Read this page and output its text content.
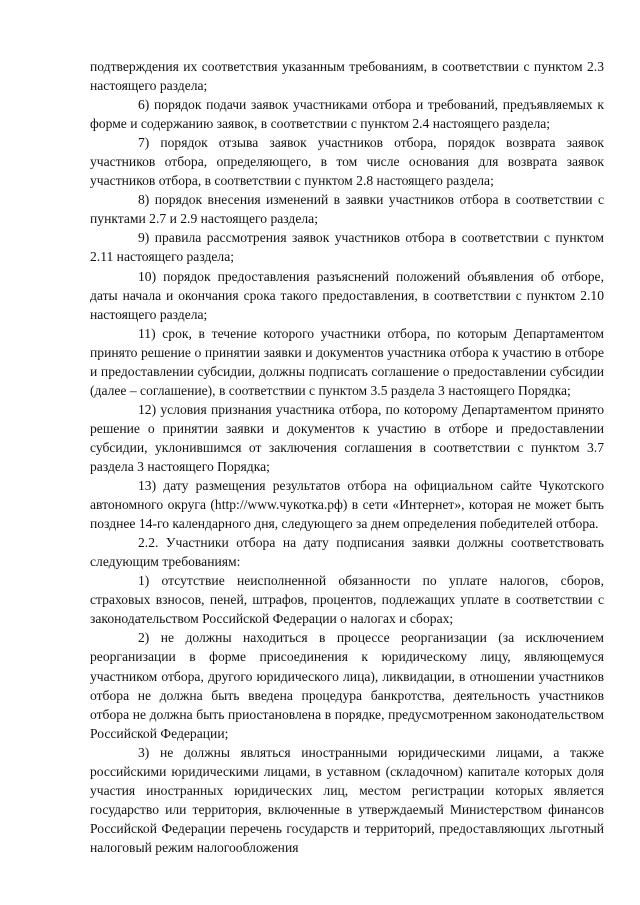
подтверждения их соответствия указанным требованиям, в соответствии с пунктом 2.3 настоящего раздела;

6) порядок подачи заявок участниками отбора и требований, предъявляемых к форме и содержанию заявок, в соответствии с пунктом 2.4 настоящего раздела;

7) порядок отзыва заявок участников отбора, порядок возврата заявок участников отбора, определяющего, в том числе основания для возврата заявок участников отбора, в соответствии с пунктом 2.8 настоящего раздела;

8) порядок внесения изменений в заявки участников отбора в соответствии с пунктами 2.7 и 2.9 настоящего раздела;

9) правила рассмотрения заявок участников отбора в соответствии с пунктом 2.11 настоящего раздела;

10) порядок предоставления разъяснений положений объявления об отборе, даты начала и окончания срока такого предоставления, в соответствии с пунктом 2.10 настоящего раздела;

11) срок, в течение которого участники отбора, по которым Департаментом принято решение о принятии заявки и документов участника отбора к участию в отборе и предоставлении субсидии, должны подписать соглашение о предоставлении субсидии (далее – соглашение), в соответствии с пунктом 3.5 раздела 3 настоящего Порядка;

12) условия признания участника отбора, по которому Департаментом принято решение о принятии заявки и документов к участию в отборе и предоставлении субсидии, уклонившимся от заключения соглашения в соответствии с пунктом 3.7 раздела 3 настоящего Порядка;

13) дату размещения результатов отбора на официальном сайте Чукотского автономного округа (http://www.чукотка.рф) в сети «Интернет», которая не может быть позднее 14-го календарного дня, следующего за днем определения победителей отбора.

2.2. Участники отбора на дату подписания заявки должны соответствовать следующим требованиям:

1) отсутствие неисполненной обязанности по уплате налогов, сборов, страховых взносов, пеней, штрафов, процентов, подлежащих уплате в соответствии с законодательством Российской Федерации о налогах и сборах;

2) не должны находиться в процессе реорганизации (за исключением реорганизации в форме присоединения к юридическому лицу, являющемуся участником отбора, другого юридического лица), ликвидации, в отношении участников отбора не должна быть введена процедура банкротства, деятельность участников отбора не должна быть приостановлена в порядке, предусмотренном законодательством Российской Федерации;

3) не должны являться иностранными юридическими лицами, а также российскими юридическими лицами, в уставном (складочном) капитале которых доля участия иностранных юридических лиц, местом регистрации которых является государство или территория, включенные в утверждаемый Министерством финансов Российской Федерации перечень государств и территорий, предоставляющих льготный налоговый режим налогообложения
